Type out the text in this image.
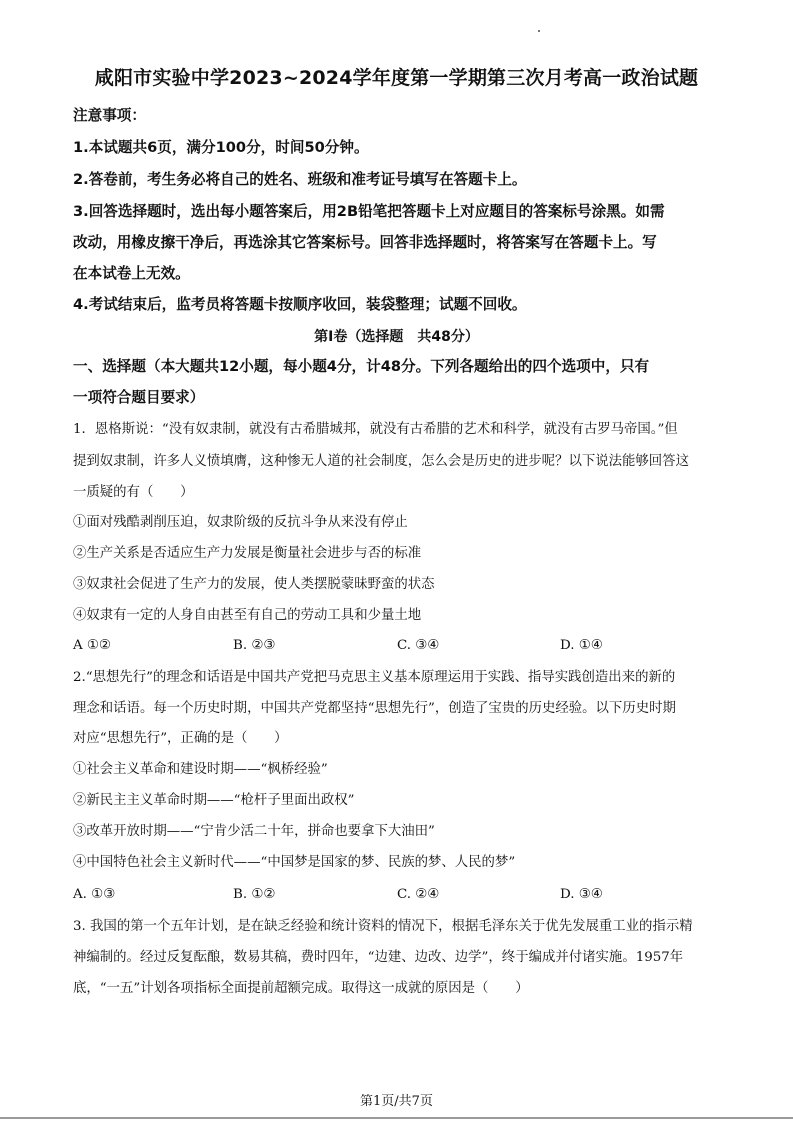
咸阳市实验中学2023~2024学年度第一学期第三次月考高一政治试题
注意事项：
1.本试题共6页，满分100分，时间50分钟。
2.答卷前，考生务必将自己的姓名、班级和准考证号填写在答题卡上。
3.回答选择题时，选出每小题答案后，用2B铅笔把答题卡上对应题目的答案标号涂黑。如需
改动，用橡皮擦干净后，再选涂其它答案标号。回答非选择题时，将答案写在答题卡上。写
在本试卷上无效。
4.考试结束后，监考员将答题卡按顺序收回，装袋整理；试题不回收。
第Ⅰ卷（选择题　共48分）
一、选择题（本大题共12小题，每小题4分，计48分。下列各题给出的四个选项中，只有
一项符合题目要求）
1．恩格斯说：“没有奴隶制，就没有古希腊城邦，就没有古希腊的艺术和科学，就没有古罗马帝国。”但
提到奴隶制，许多人义愤填膺，这种惨无人道的社会制度，怎么会是历史的进步呢？以下说法能够回答这
一质疑的有（　　）
①面对残酷剥削压迫，奴隶阶级的反抗斗争从来没有停止
②生产关系是否适应生产力发展是衡量社会进步与否的标准
③奴隶社会促进了生产力的发展，使人类摆脱蒙昧野蛮的状态
④奴隶有一定的人身自由甚至有自己的劳动工具和少量土地
A ①②	B. ②③	C. ③④	D. ①④
2.“思想先行”的理念和话语是中国共产党把马克思主义基本原理运用于实践、指导实践创造出来的新的
理念和话语。每一个历史时期，中国共产党都坚持“思想先行”，创造了宝贵的历史经验。以下历史时期
对应“思想先行”，正确的是（　　）
①社会主义革命和建设时期——“枫桥经验”
②新民主主义革命时期——“枪杆子里面出政权”
③改革开放时期——“宁肯少活二十年，拼命也要拿下大油田”
④中国特色社会主义新时代——“中国梦是国家的梦、民族的梦、人民的梦”
A. ①③	B. ①②	C. ②④	D. ③④
3. 我国的第一个五年计划，是在缺乏经验和统计资料的情况下，根据毛泽东关于优先发展重工业的指示精
神编制的。经过反复酝酿，数易其稿，费时四年，“边建、边改、边学”，终于编成并付诸实施。1957年
底，“一五”计划各项指标全面提前超额完成。取得这一成就的原因是（　　）
第1页/共7页
